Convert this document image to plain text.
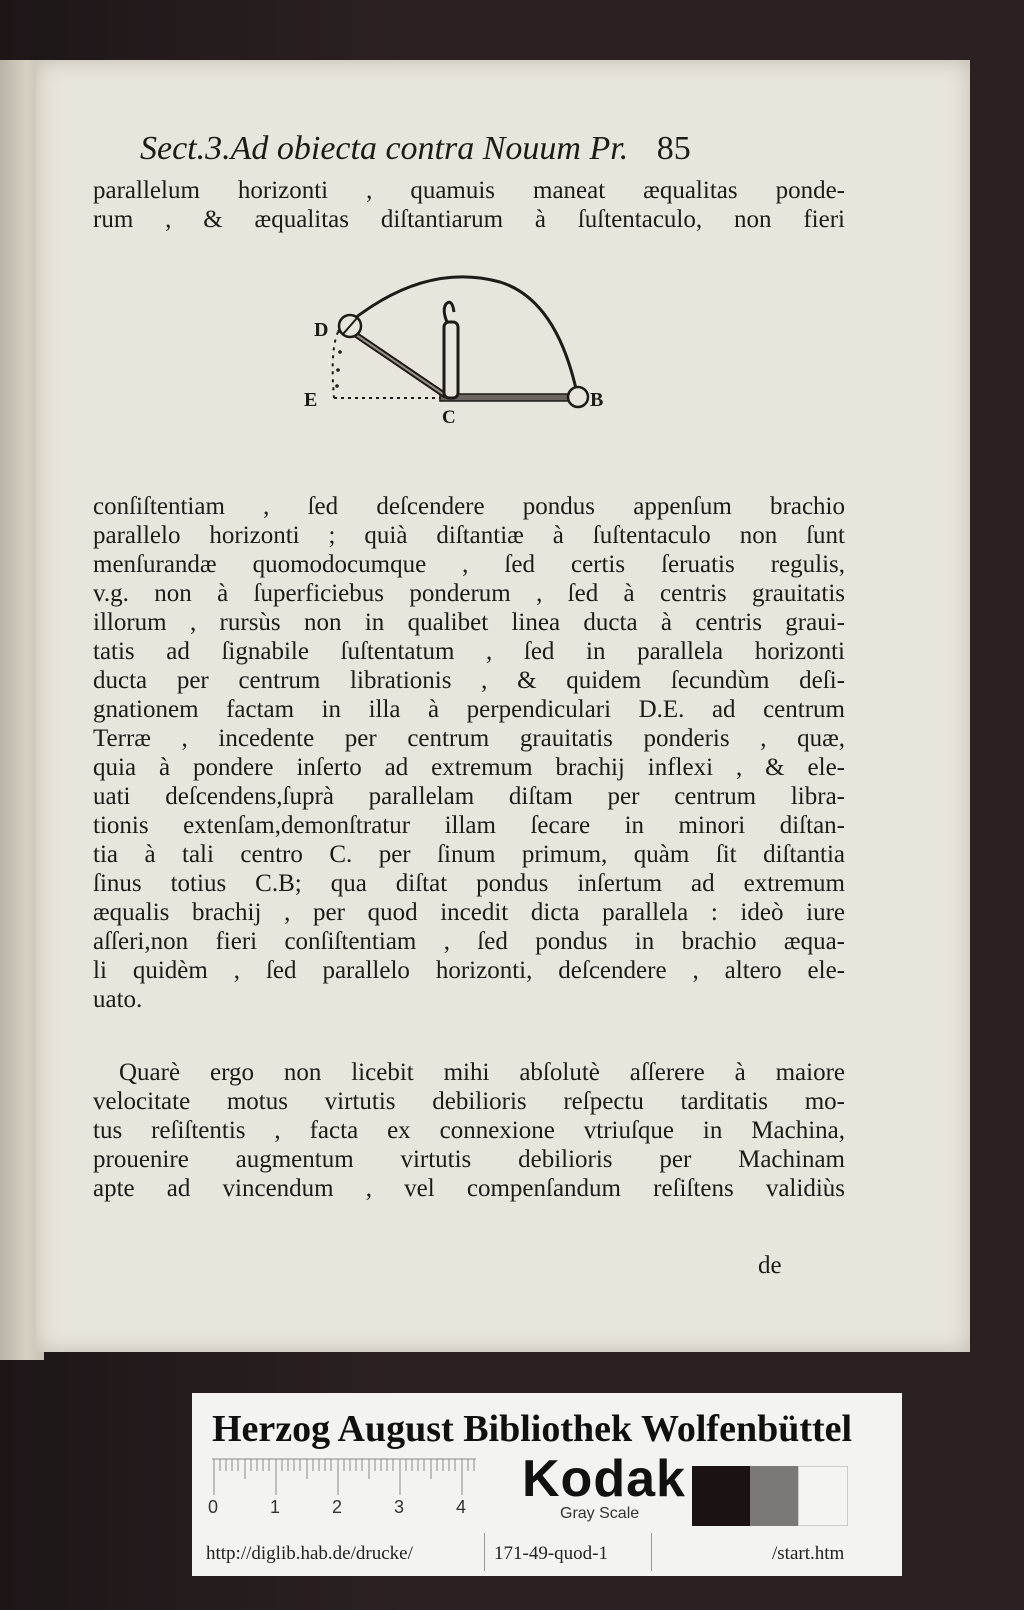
Sect.3.Ad obiecta contra Nouum Pr. 85
parallelum horizonti , quamuis maneat æqualitas ponde-
rum , & æqualitas diſtantiarum à ſuſtentaculo, non fieri
D
E
C
B
conſiſtentiam , ſed deſcendere pondus appenſum brachio
parallelo horizonti ; quià diſtantiæ à ſuſtentaculo non ſunt
menſurandæ quomodocumque , ſed certis ſeruatis regulis,
v.g. non à ſuperficiebus ponderum , ſed à centris grauitatis
illorum , rursùs non in qualibet linea ducta à centris graui-
tatis ad ſignabile ſuſtentatum , ſed in parallela horizonti
ducta per centrum librationis , & quidem ſecundùm deſi-
gnationem factam in illa à perpendiculari D.E. ad centrum
Terræ , incedente per centrum grauitatis ponderis , quæ,
quia à pondere inſerto ad extremum brachij inflexi , & ele-
uati deſcendens,ſuprà parallelam diſtam per centrum libra-
tionis extenſam,demonſtratur illam ſecare in minori diſtan-
tia à tali centro C. per ſinum primum, quàm ſit diſtantia
ſinus totius C.B; qua diſtat pondus inſertum ad extremum
æqualis brachij , per quod incedit dicta parallela : ideò iure
aſſeri,non fieri conſiſtentiam , ſed pondus in brachio æqua-
li quidèm , ſed parallelo horizonti, deſcendere , altero ele-
uato.
Quarè ergo non licebit mihi abſolutè aſſerere à maiore
velocitate motus virtutis debilioris reſpectu tarditatis mo-
tus reſiſtentis , facta ex connexione vtriuſque in Machina,
prouenire augmentum virtutis debilioris per Machinam
apte ad vincendum , vel compenſandum reſiſtens validiùs
de
Herzog August Bibliothek Wolfenbüttel
0	1	2	3	4 Kodak
Gray Scale
http://diglib.hab.de/drucke/	171-49-quod-1	/start.htm
